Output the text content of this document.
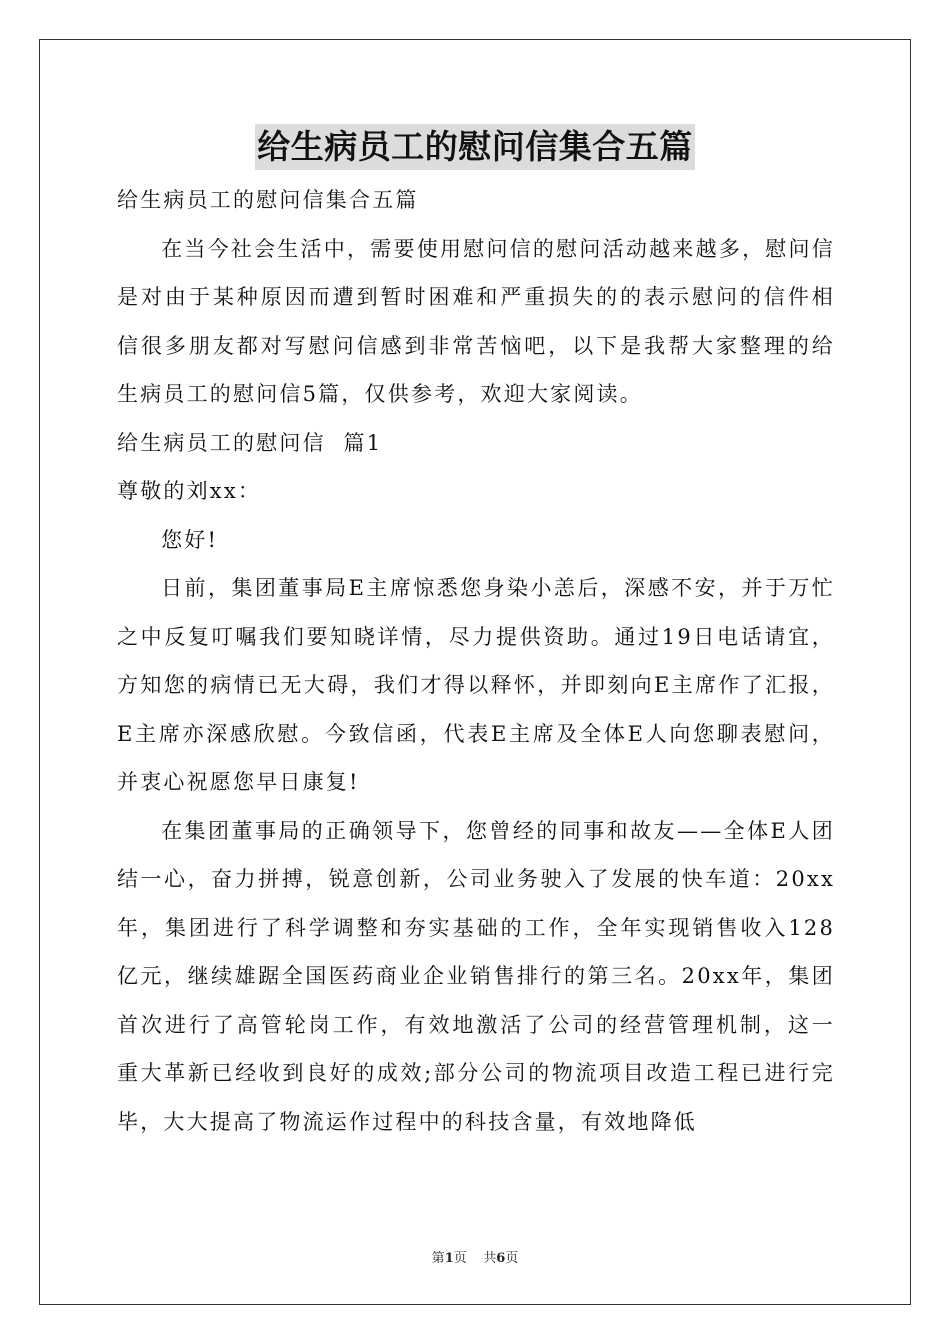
给生病员工的慰问信集合五篇

给生病员工的慰问信集合五篇

在当今社会生活中，需要使用慰问信的慰问活动越来越多，慰问信是对由于某种原因而遭到暂时困难和严重损失的的表示慰问的信件相信很多朋友都对写慰问信感到非常苦恼吧，以下是我帮大家整理的给生病员工的慰问信5篇，仅供参考，欢迎大家阅读。

给生病员工的慰问信  篇1

尊敬的刘xx：

您好!

日前，集团董事局E主席惊悉您身染小恙后，深感不安，并于万忙之中反复叮嘱我们要知晓详情，尽力提供资助。通过19日电话请宜，方知您的病情已无大碍，我们才得以释怀，并即刻向E主席作了汇报，E主席亦深感欣慰。今致信函，代表E主席及全体E人向您聊表慰问，并衷心祝愿您早日康复!

在集团董事局的正确领导下，您曾经的同事和故友——全体E人团结一心，奋力拼搏，锐意创新，公司业务驶入了发展的快车道：20xx年，集团进行了科学调整和夯实基础的工作，全年实现销售收入128亿元，继续雄踞全国医药商业企业销售排行的第三名。20xx年，集团首次进行了高管轮岗工作，有效地激活了公司的经营管理机制，这一重大革新已经收到良好的成效;部分公司的物流项目改造工程已进行完毕，大大提高了物流运作过程中的科技含量，有效地降低

第1页    共6页
